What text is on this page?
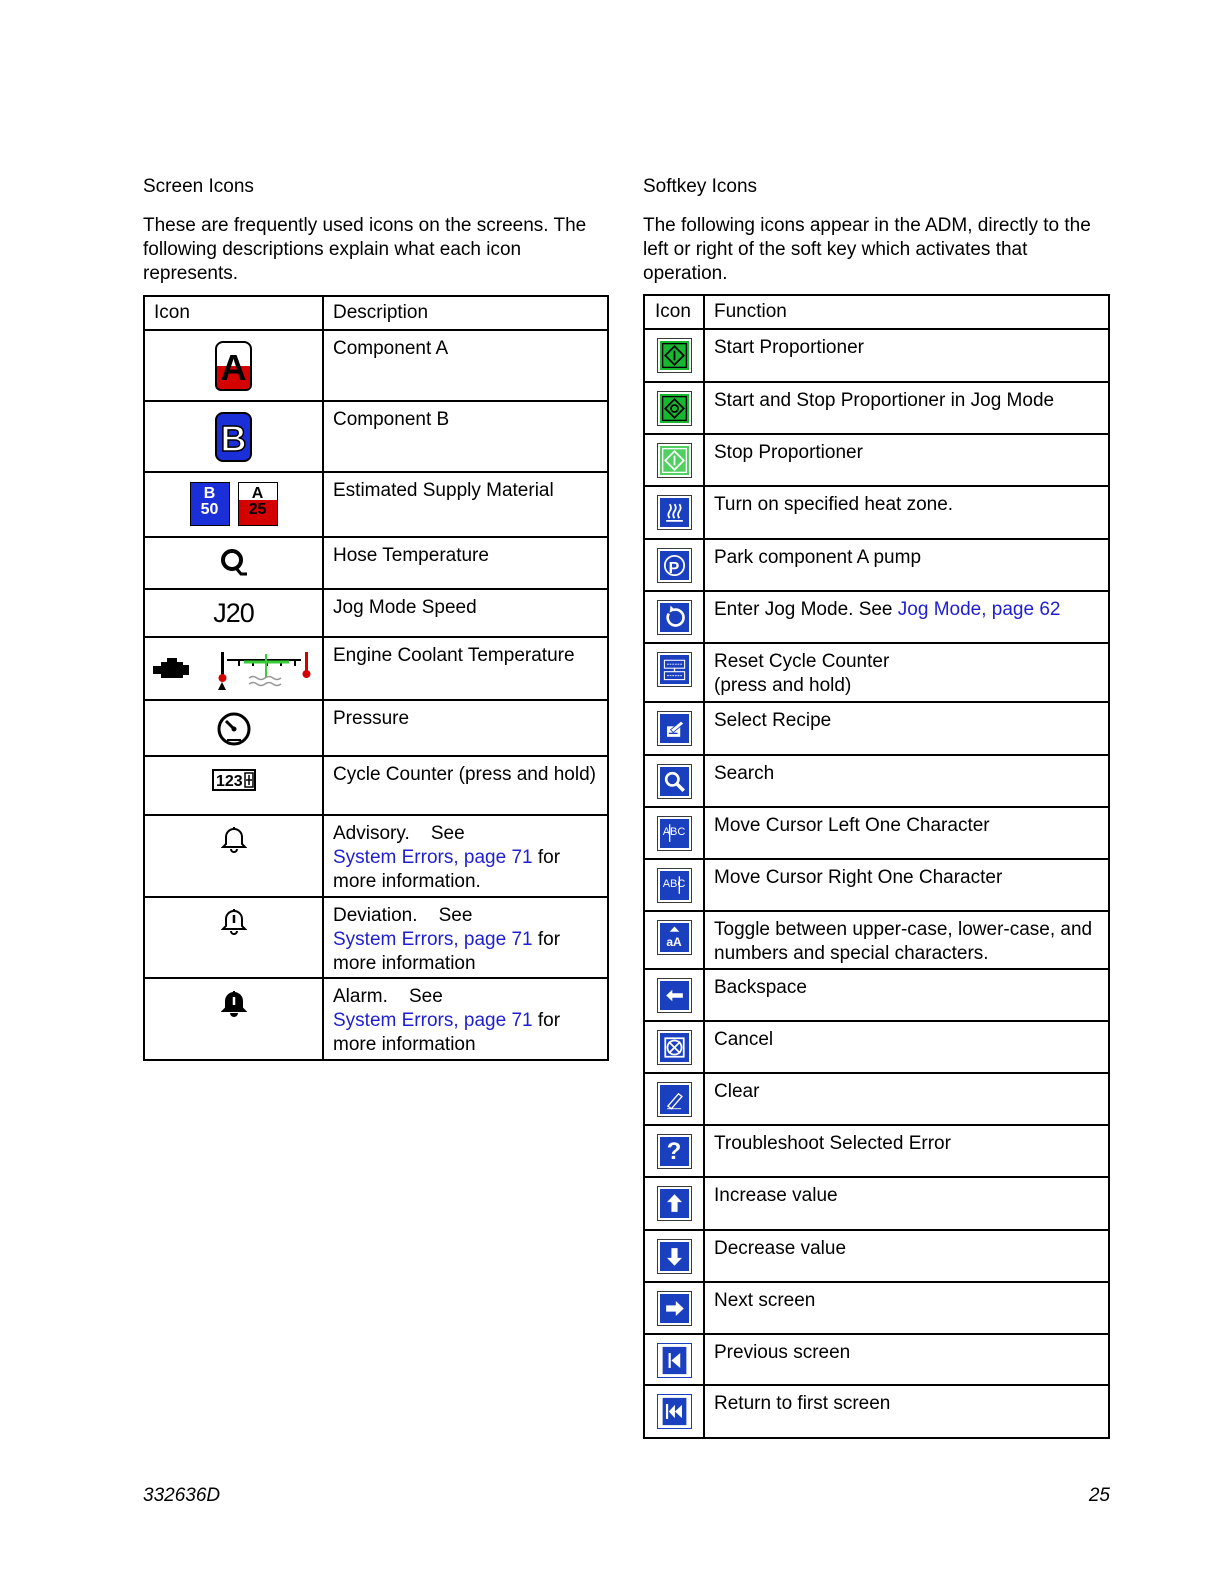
Screen Icons

These are frequently used icons on the screens. The following descriptions explain what each icon represents.

Icon	Description

A	Component A

B	Component B

B
50
A
25	Estimated Supply Material
	Hose Temperature

J20	Jog Mode Speed
	Engine Coolant Temperature
	Pressure

123	Cycle Counter (press and hold)
	Advisory.    See
System Errors, page 71 for more information.
	Deviation.    See
System Errors, page 71 for more information
	Alarm.    See
System Errors, page 71 for more information
Softkey Icons

The following icons appear in the ADM, directly to the left or right of the soft key which activates that operation.

Icon	Function

	Start Proportioner

	Start and Stop Proportioner in Jog Mode

	Stop Proportioner

	Turn on specified heat zone.

P	Park component A pump

	Enter Jog Mode. See Jog Mode, page 62

	Reset Cycle Counter
(press and hold)

	Select Recipe

	Search

ABC	Move Cursor Left One Character

ABC	Move Cursor Right One Character

aA	Toggle between upper-case, lower-case, and numbers and special characters.

	Backspace

	Cancel

	Clear

?	Troubleshoot Selected Error

	Increase value

	Decrease value

	Next screen

	Previous screen

	Return to first screen
332636D	25
